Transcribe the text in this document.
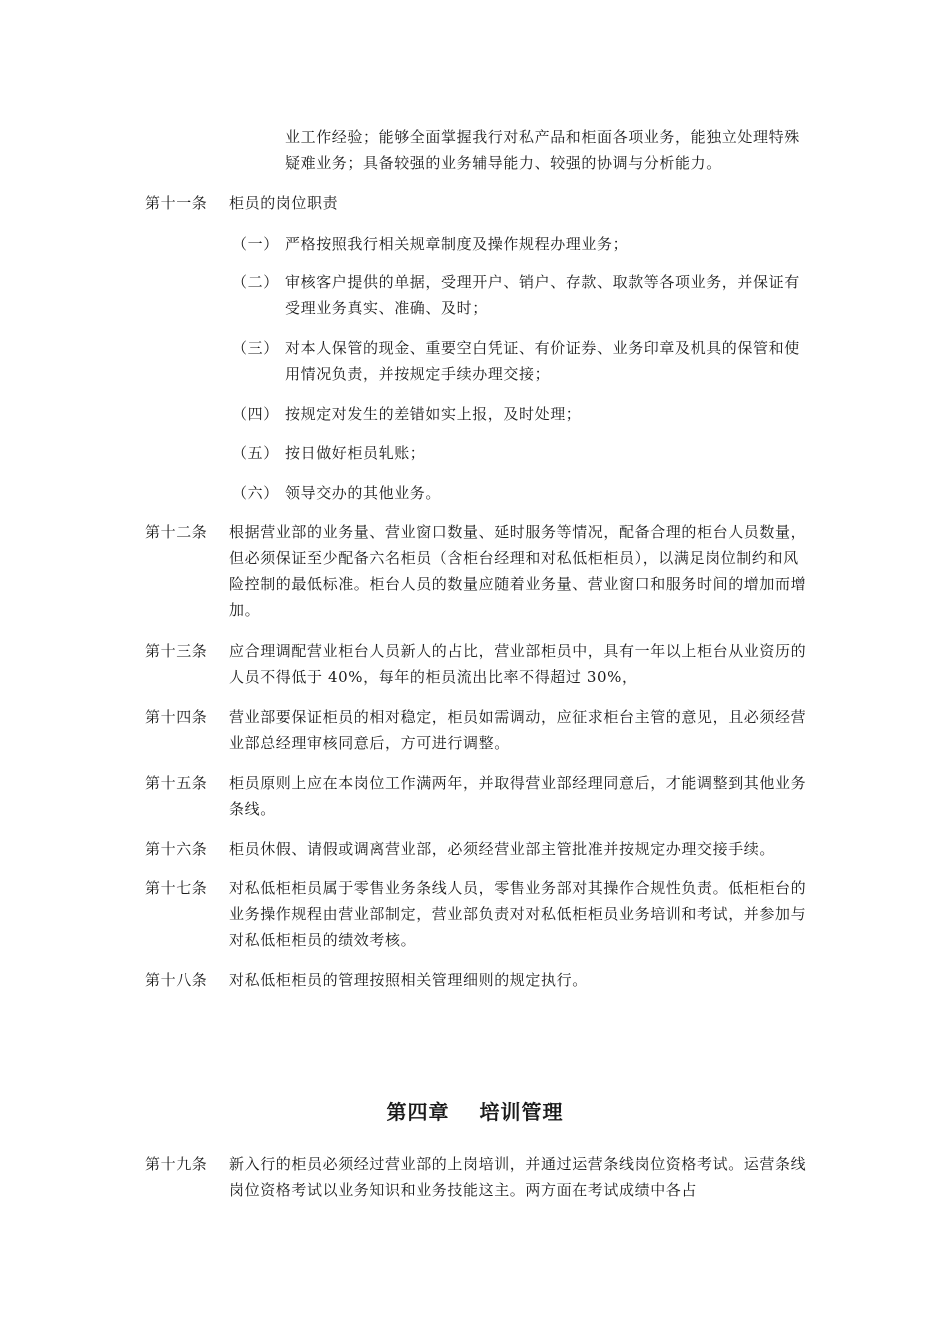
业工作经验；能够全面掌握我行对私产品和柜面各项业务，能独立处理特殊疑难业务；具备较强的业务辅导能力、较强的协调与分析能力。
第十一条	柜员的岗位职责
（一） 严格按照我行相关规章制度及操作规程办理业务；
（二） 审核客户提供的单据，受理开户、销户、存款、取款等各项业务，并保证有受理业务真实、准确、及时；
（三） 对本人保管的现金、重要空白凭证、有价证券、业务印章及机具的保管和使用情况负责，并按规定手续办理交接；
（四） 按规定对发生的差错如实上报，及时处理；
（五） 按日做好柜员轧账；
（六） 领导交办的其他业务。
第十二条	根据营业部的业务量、营业窗口数量、延时服务等情况，配备合理的柜台人员数量，但必须保证至少配备六名柜员（含柜台经理和对私低柜柜员），以满足岗位制约和风险控制的最低标准。柜台人员的数量应随着业务量、营业窗口和服务时间的增加而增加。
第十三条	应合理调配营业柜台人员新人的占比，营业部柜员中，具有一年以上柜台从业资历的人员不得低于 40%，每年的柜员流出比率不得超过 30%，
第十四条	营业部要保证柜员的相对稳定，柜员如需调动，应征求柜台主管的意见，且必须经营业部总经理审核同意后，方可进行调整。
第十五条	柜员原则上应在本岗位工作满两年，并取得营业部经理同意后，才能调整到其他业务条线。
第十六条	柜员休假、请假或调离营业部，必须经营业部主管批准并按规定办理交接手续。
第十七条	对私低柜柜员属于零售业务条线人员，零售业务部对其操作合规性负责。低柜柜台的业务操作规程由营业部制定，营业部负责对对私低柜柜员业务培训和考试，并参加与对私低柜柜员的绩效考核。
第十八条	对私低柜柜员的管理按照相关管理细则的规定执行。
第四章 培训管理
第十九条	新入行的柜员必须经过营业部的上岗培训，并通过运营条线岗位资格考试。运营条线岗位资格考试以业务知识和业务技能这主。两方面在考试成绩中各占
